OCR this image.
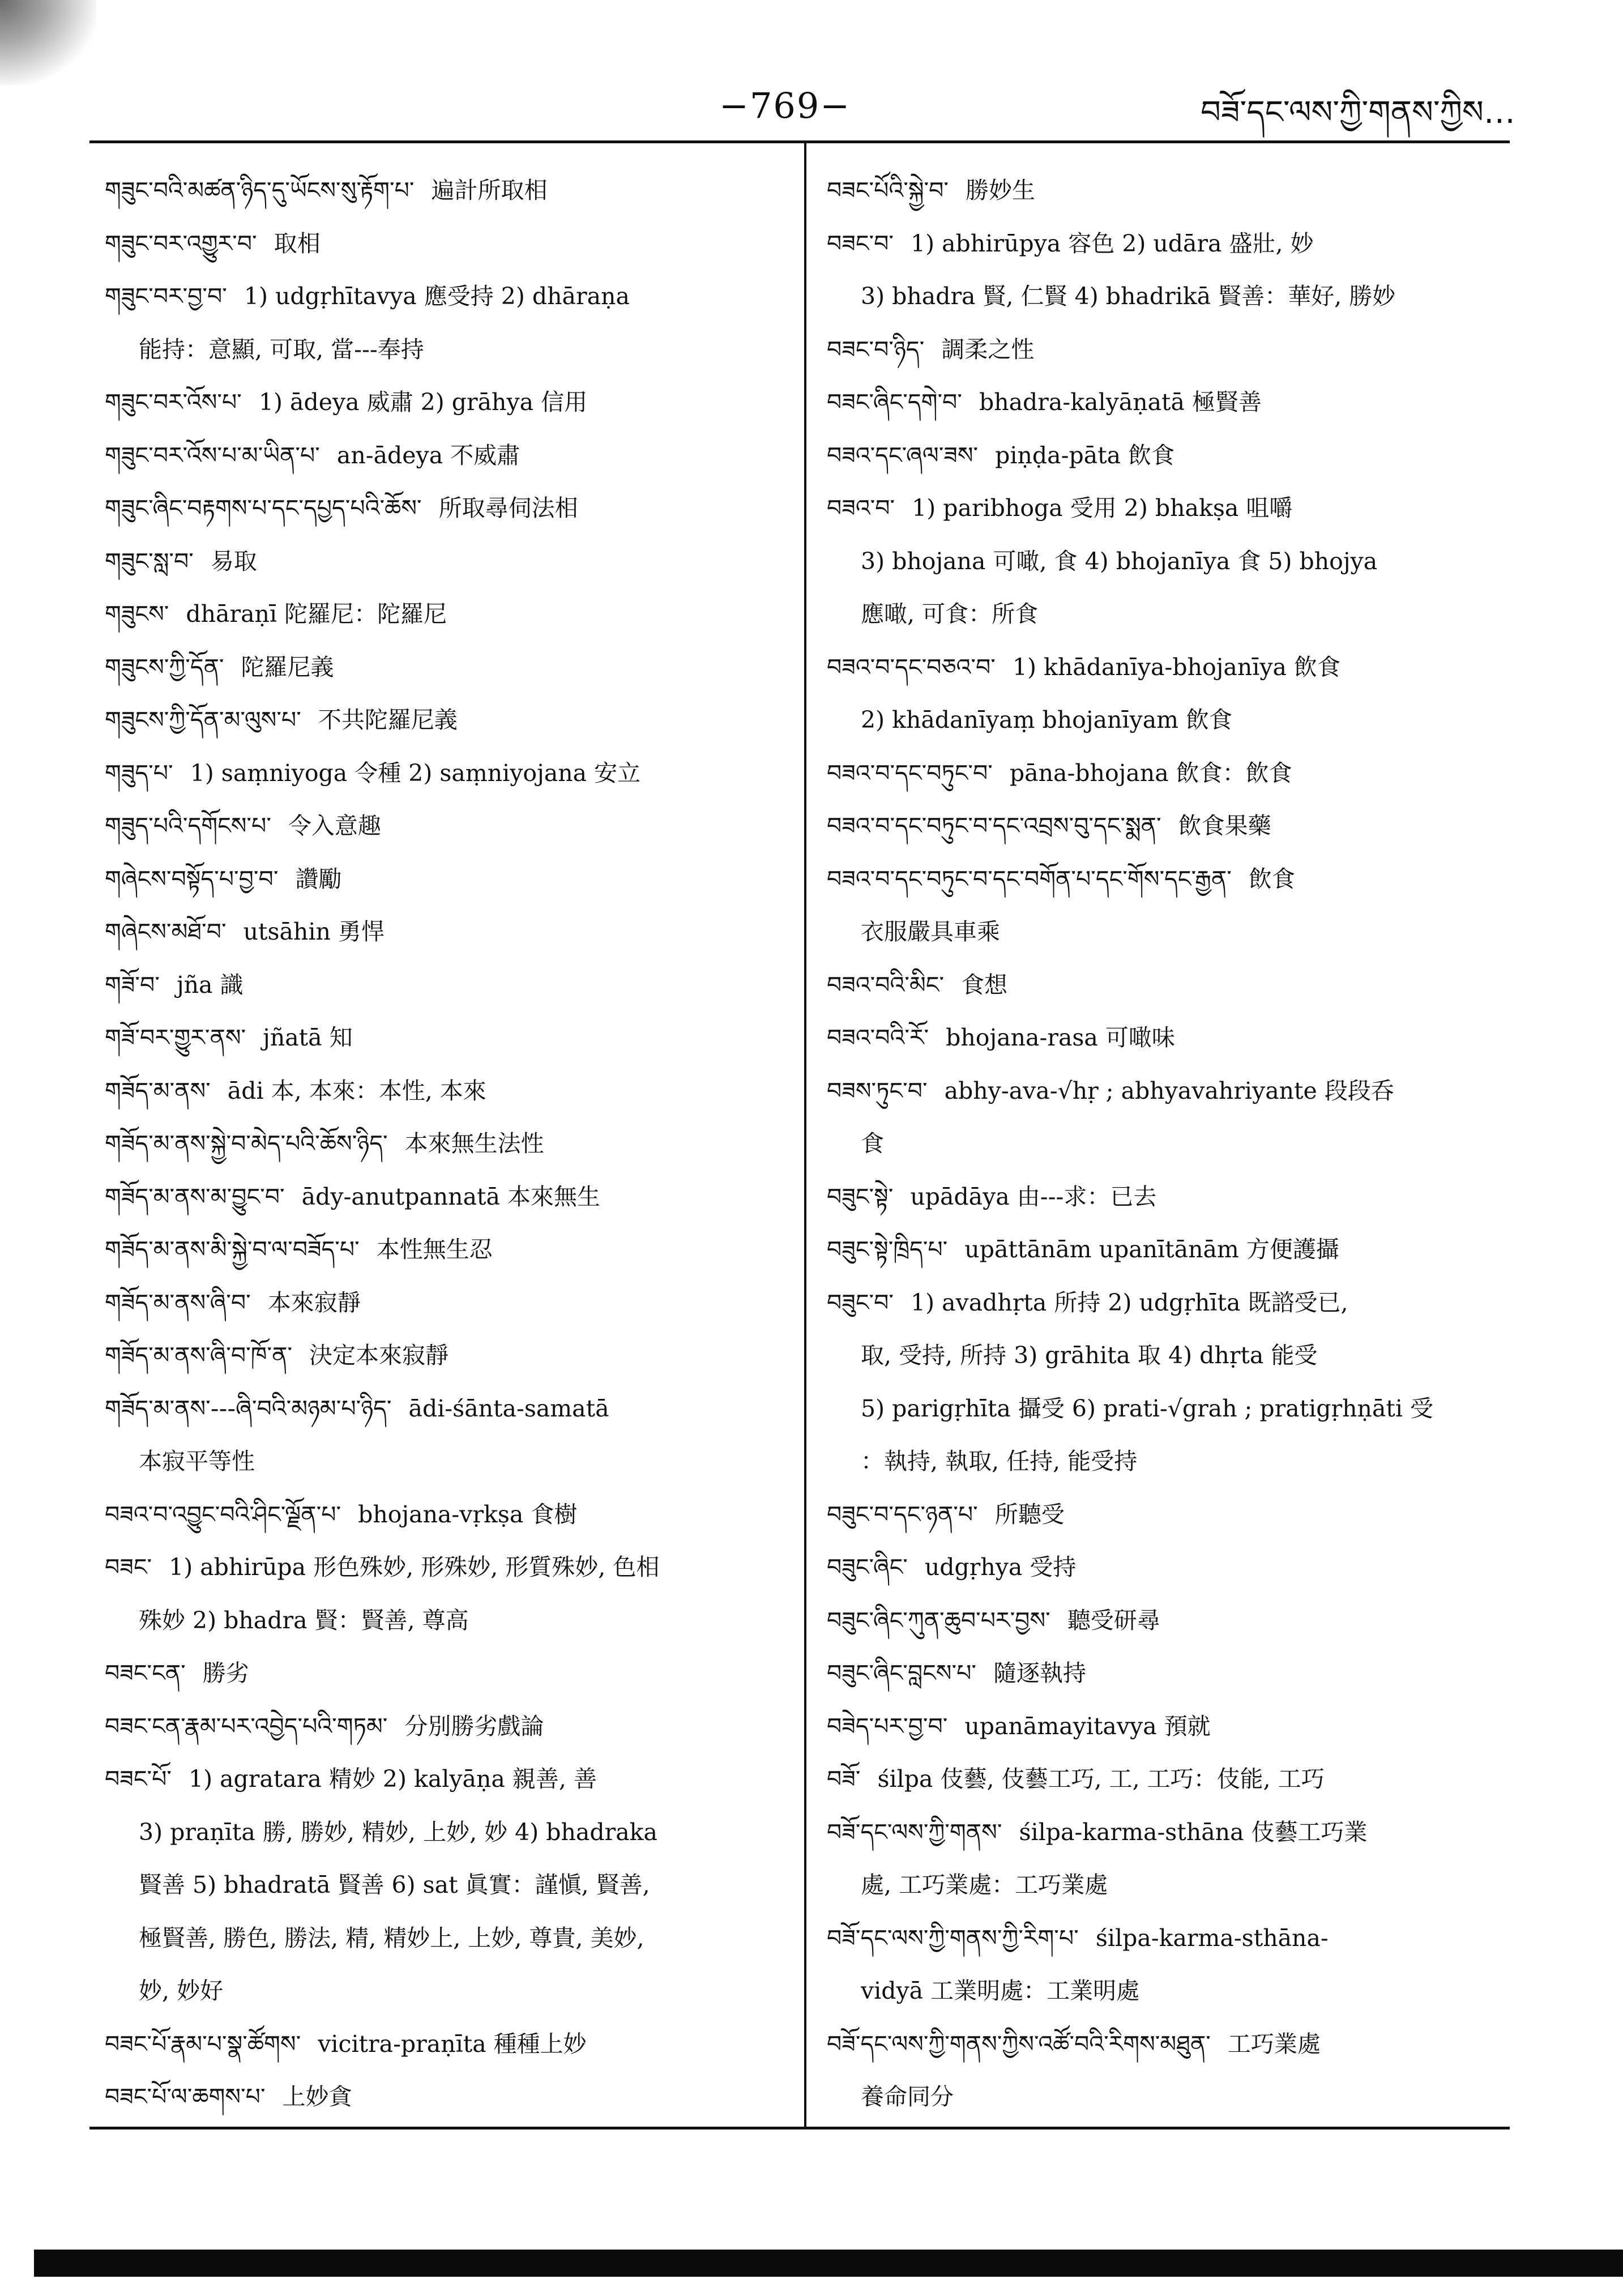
−769−	བཟོ་དང་ལས་ཀྱི་གནས་ཀྱིས…
གཟུང་བའི་མཚན་ཉིད་དུ་ཡོངས་སུ་རྟོག་པ་ 遍計所取相
གཟུང་བར་འགྱུར་བ་ 取相
གཟུང་བར་བྱ་བ་ 1) udgṛhītavya 應受持 2) dhāraṇa
能持：意顯, 可取, 當---奉持
གཟུང་བར་འོས་པ་ 1) ādeya 威肅 2) grāhya 信用
གཟུང་བར་འོས་པ་མ་ཡིན་པ་ an-ādeya 不威肅
གཟུང་ཞིང་བརྟགས་པ་དང་དཔྱད་པའི་ཆོས་ 所取尋伺法相
གཟུང་སླ་བ་ 易取
གཟུངས་ dhāraṇī 陀羅尼：陀羅尼
གཟུངས་ཀྱི་དོན་ 陀羅尼義
གཟུངས་ཀྱི་དོན་མ་ལུས་པ་ 不共陀羅尼義
གཟུད་པ་ 1) saṃniyoga 令種 2) saṃniyojana 安立
གཟུད་པའི་དགོངས་པ་ 令入意趣
གཞེངས་བསྟོད་པ་བྱ་བ་ 讚勵
གཞེངས་མཐོ་བ་ utsāhin 勇悍
གཟོ་བ་ jña 識
གཟོ་བར་གྱུར་ནས་ jñatā 知
གཟོད་མ་ནས་ ādi 本, 本來：本性, 本來
གཟོད་མ་ནས་སྐྱེ་བ་མེད་པའི་ཆོས་ཉིད་ 本來無生法性
གཟོད་མ་ནས་མ་བྱུང་བ་ ādy-anutpannatā 本來無生
གཟོད་མ་ནས་མི་སྐྱེ་བ་ལ་བཟོད་པ་ 本性無生忍
གཟོད་མ་ནས་ཞི་བ་ 本來寂靜
གཟོད་མ་ནས་ཞི་བ་ཁོ་ན་ 決定本來寂靜
གཟོད་མ་ནས་---ཞི་བའི་མཉམ་པ་ཉིད་ ādi-śānta-samatā
本寂平等性
བཟའ་བ་འབྱུང་བའི་ཤིང་ལྗོན་པ་ bhojana-vṛkṣa 食樹
བཟང་ 1) abhirūpa 形色殊妙, 形殊妙, 形質殊妙, 色相
殊妙 2) bhadra 賢：賢善, 尊高
བཟང་ངན་ 勝劣
བཟང་ངན་རྣམ་པར་འབྱེད་པའི་གཏམ་ 分別勝劣戲論
བཟང་པོ་ 1) agratara 精妙 2) kalyāṇa 親善, 善
3) praṇīta 勝, 勝妙, 精妙, 上妙, 妙 4) bhadraka
賢善 5) bhadratā 賢善 6) sat 眞實：謹愼, 賢善,
極賢善, 勝色, 勝法, 精, 精妙上, 上妙, 尊貴, 美妙,
妙, 妙好
བཟང་པོ་རྣམ་པ་སྣ་ཚོགས་ vicitra-praṇīta 種種上妙
བཟང་པོ་ལ་ཆགས་པ་ 上妙貪
བཟང་པོའི་སྐྱེ་བ་ 勝妙生
བཟང་བ་ 1) abhirūpya 容色 2) udāra 盛壯, 妙
3) bhadra 賢, 仁賢 4) bhadrikā 賢善：華好, 勝妙
བཟང་བ་ཉིད་ 調柔之性
བཟང་ཞིང་དགེ་བ་ bhadra-kalyāṇatā 極賢善
བཟའ་དང་ཞལ་ཟས་ piṇḍa-pāta 飲食
བཟའ་བ་ 1) paribhoga 受用 2) bhakṣa 咀嚼
3) bhojana 可噉, 食 4) bhojanīya 食 5) bhojya
應噉, 可食：所食
བཟའ་བ་དང་བཅའ་བ་ 1) khādanīya-bhojanīya 飲食
2) khādanīyaṃ bhojanīyam 飲食
བཟའ་བ་དང་བཏུང་བ་ pāna-bhojana 飲食：飲食
བཟའ་བ་དང་བཏུང་བ་དང་འབྲས་བུ་དང་སྨན་ 飲食果藥
བཟའ་བ་དང་བཏུང་བ་དང་བགོན་པ་དང་གོས་དང་རྒྱན་ 飲食
衣服嚴具車乘
བཟའ་བའི་མིང་ 食想
བཟའ་བའི་རོ་ bhojana-rasa 可噉味
བཟས་ཏུང་བ་ abhy-ava-√hṛ ; abhyavahriyante 段段呑
食
བཟུང་སྟེ་ upādāya 由---求：已去
བཟུང་སྟེ་ཁྲིད་པ་ upāttānām upanītānām 方便護攝
བཟུང་བ་ 1) avadhṛta 所持 2) udgṛhīta 既諮受已,
取, 受持, 所持 3) grāhita 取 4) dhṛta 能受
5) parigṛhīta 攝受 6) prati-√grah ; pratigṛhṇāti 受
：執持, 執取, 任持, 能受持
བཟུང་བ་དང་ཉན་པ་ 所聽受
བཟུང་ཞིང་ udgṛhya 受持
བཟུང་ཞིང་ཀུན་ཆུབ་པར་བྱས་ 聽受研尋
བཟུང་ཞིང་བླངས་པ་ 隨逐執持
བཟེད་པར་བྱ་བ་ upanāmayitavya 預就
བཟོ་ śilpa 伎藝, 伎藝工巧, 工, 工巧：伎能, 工巧
བཟོ་དང་ལས་ཀྱི་གནས་ śilpa-karma-sthāna 伎藝工巧業
處, 工巧業處：工巧業處
བཟོ་དང་ལས་ཀྱི་གནས་ཀྱི་རིག་པ་ śilpa-karma-sthāna-
vidyā 工業明處：工業明處
བཟོ་དང་ལས་ཀྱི་གནས་ཀྱིས་འཚོ་བའི་རིགས་མཐུན་ 工巧業處
養命同分
